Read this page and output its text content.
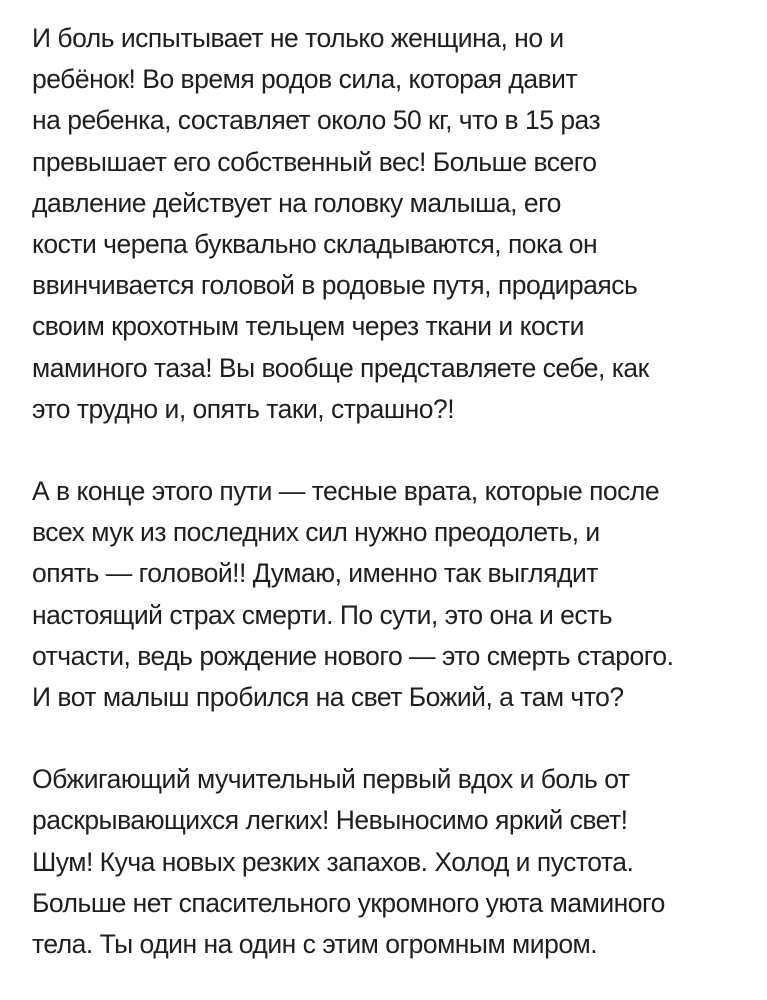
И боль испытывает не только женщина, но и

ребёнок! Во время родов сила, которая давит

на ребенка, составляет около 50 кг, что в 15 раз

превышает его собственный вес! Больше всего

давление действует на головку малыша, его

кости черепа буквально складываются, пока он

ввинчивается головой в родовые путя, продираясь

своим крохотным тельцем через ткани и кости

маминого таза! Вы вообще представляете себе, как

это трудно и, опять таки, страшно?!

А в конце этого пути — тесные врата, которые после

всех мук из последних сил нужно преодолеть, и

опять — головой!! Думаю, именно так выглядит

настоящий страх смерти. По сути, это она и есть

отчасти, ведь рождение нового — это смерть старого.

И вот малыш пробился на свет Божий, а там что?

Обжигающий мучительный первый вдох и боль от

раскрывающихся легких! Невыносимо яркий свет!

Шум! Куча новых резких запахов. Холод и пустота.

Больше нет спасительного укромного уюта маминого

тела. Ты один на один с этим огромным миром.
